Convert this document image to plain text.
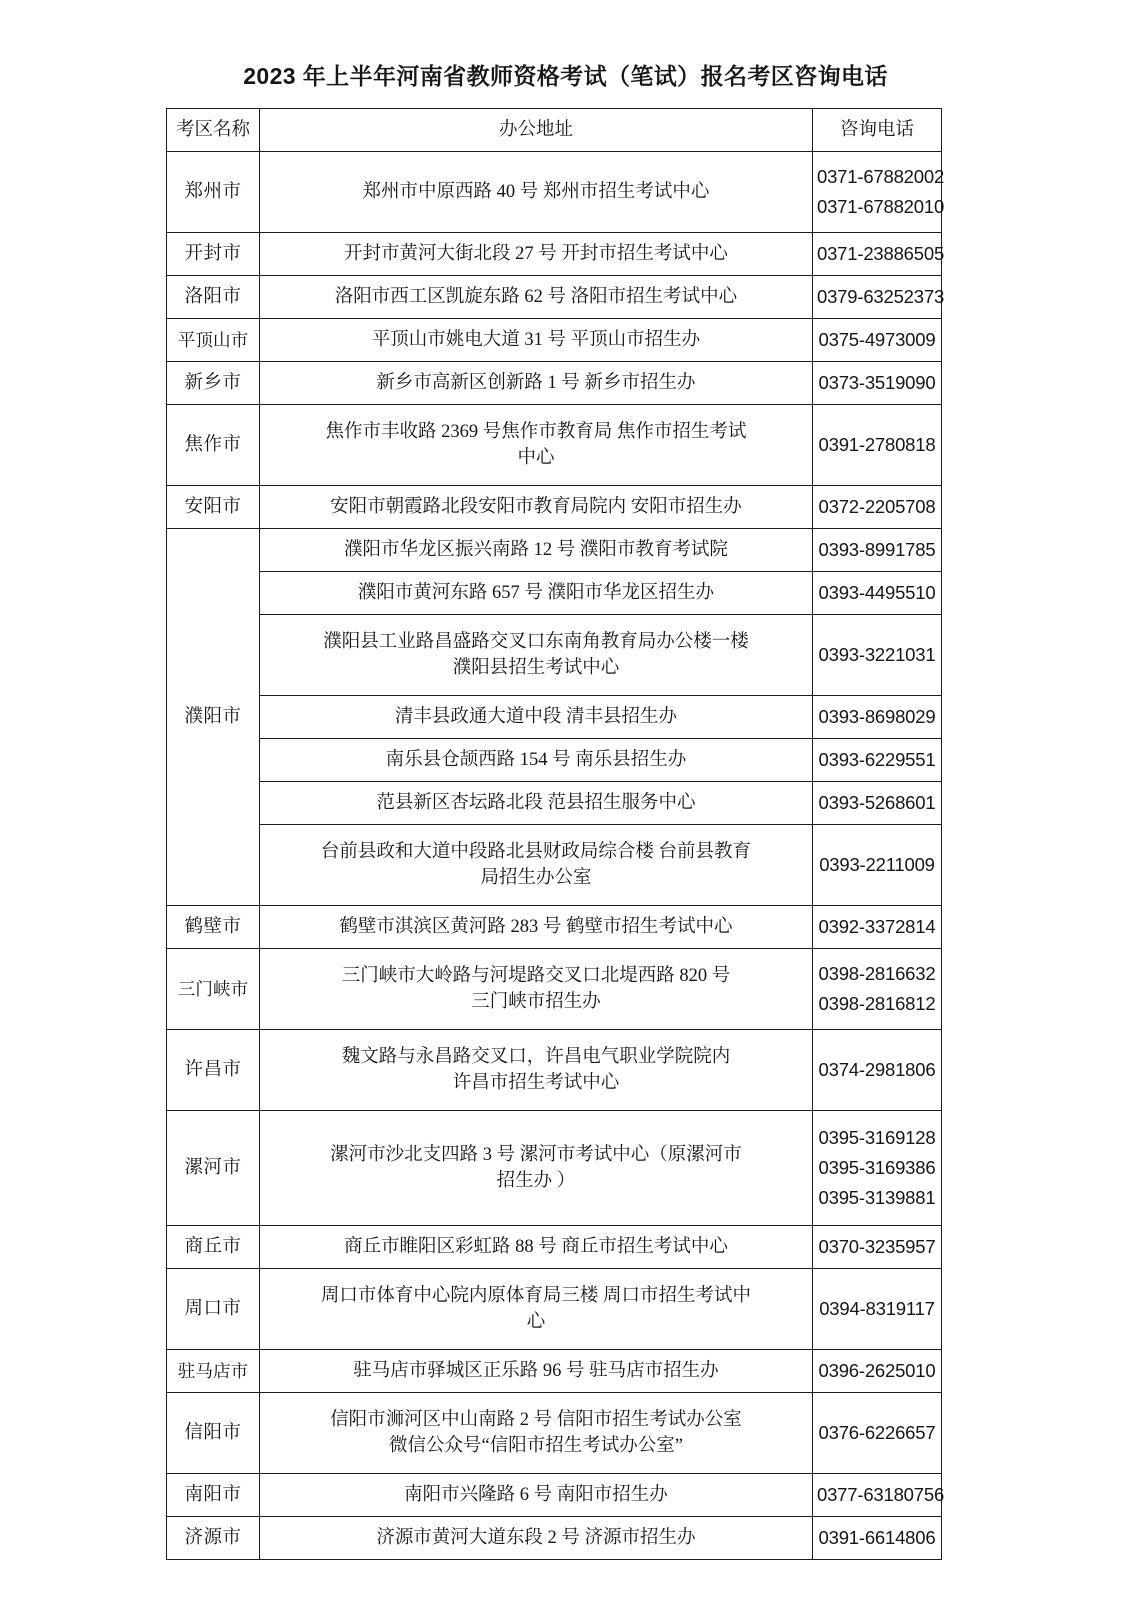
2023 年上半年河南省教师资格考试（笔试）报名考区咨询电话
考区名称	办公地址	咨询电话
郑州市	郑州市中原西路 40 号 郑州市招生考试中心	0371-67882002
0371-67882010

开封市	开封市黄河大街北段 27 号 开封市招生考试中心	0371-23886505

洛阳市	洛阳市西工区凯旋东路 62 号 洛阳市招生考试中心	0379-63252373

平顶山市	平顶山市姚电大道 31 号 平顶山市招生办	0375-4973009

新乡市	新乡市高新区创新路 1 号 新乡市招生办	0373-3519090

焦作市	焦作市丰收路 2369 号焦作市教育局 焦作市招生考试
中心	0391-2780818

安阳市	安阳市朝霞路北段安阳市教育局院内 安阳市招生办	0372-2205708

濮阳市	濮阳市华龙区振兴南路 12 号 濮阳市教育考试院	0393-8991785

	濮阳市黄河东路 657 号 濮阳市华龙区招生办	0393-4495510

	濮阳县工业路昌盛路交叉口东南角教育局办公楼一楼
濮阳县招生考试中心	0393-3221031

	清丰县政通大道中段 清丰县招生办	0393-8698029

	南乐县仓颉西路 154 号 南乐县招生办	0393-6229551

	范县新区杏坛路北段 范县招生服务中心	0393-5268601

	台前县政和大道中段路北县财政局综合楼 台前县教育
局招生办公室	0393-2211009

鹤壁市	鹤壁市淇滨区黄河路 283 号 鹤壁市招生考试中心	0392-3372814

三门峡市	三门峡市大岭路与河堤路交叉口北堤西路 820 号
三门峡市招生办	0398-2816632
0398-2816812

许昌市	魏文路与永昌路交叉口，许昌电气职业学院院内
许昌市招生考试中心	0374-2981806

漯河市	漯河市沙北支四路 3 号 漯河市考试中心（原漯河市
招生办 ）	0395-3169128
0395-3169386
0395-3139881

商丘市	商丘市睢阳区彩虹路 88 号 商丘市招生考试中心	0370-3235957

周口市	周口市体育中心院内原体育局三楼 周口市招生考试中
心	0394-8319117

驻马店市	驻马店市驿城区正乐路 96 号 驻马店市招生办	0396-2625010

信阳市	信阳市浉河区中山南路 2 号 信阳市招生考试办公室
微信公众号“信阳市招生考试办公室”	0376-6226657

南阳市	南阳市兴隆路 6 号 南阳市招生办	0377-63180756

济源市	济源市黄河大道东段 2 号 济源市招生办	0391-6614806
